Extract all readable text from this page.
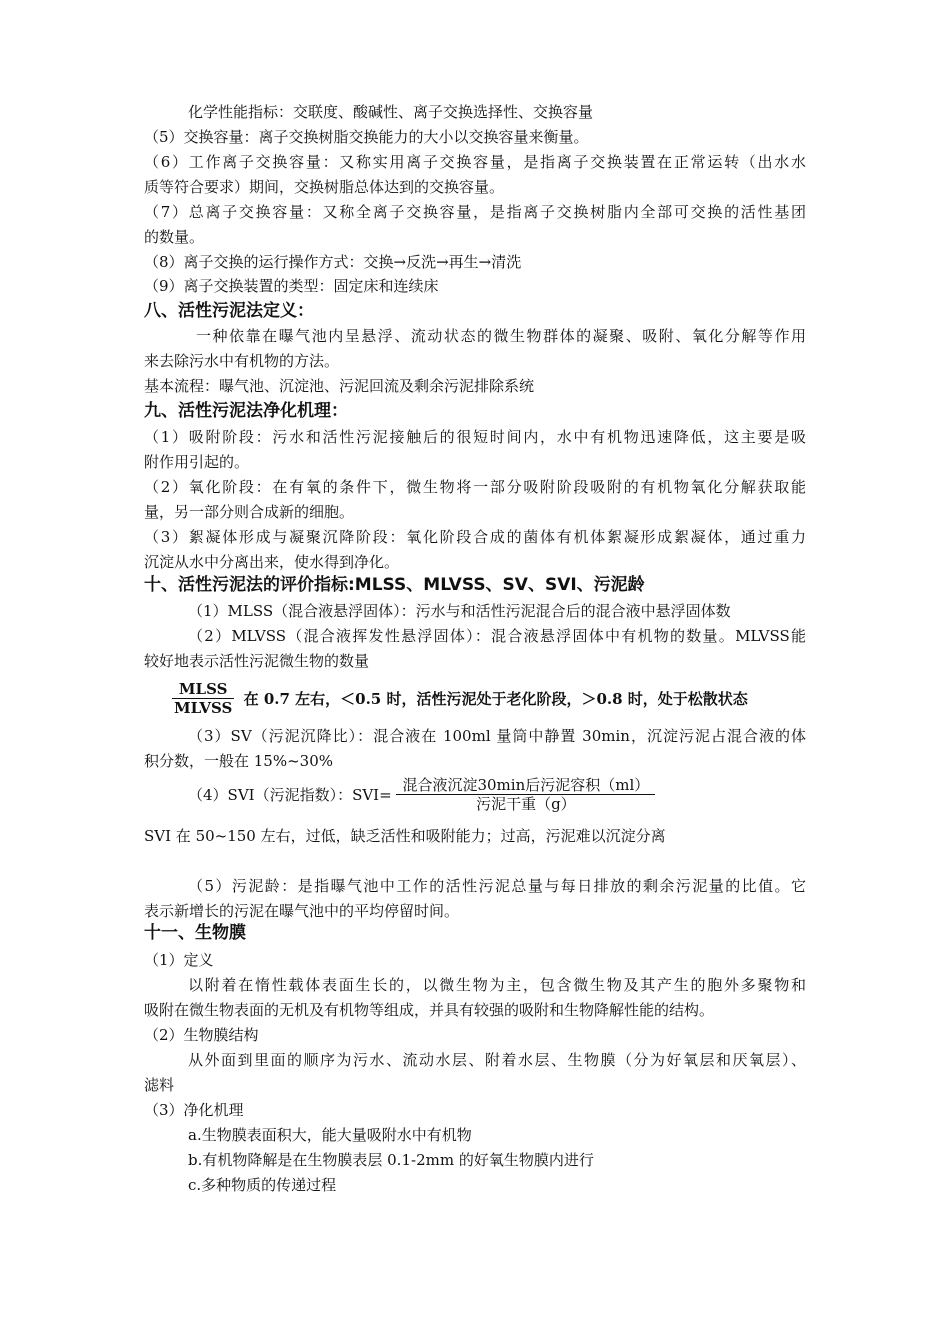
化学性能指标：交联度、酸碱性、离子交换选择性、交换容量
（5）交换容量：离子交换树脂交换能力的大小以交换容量来衡量。
（6）工作离子交换容量：又称实用离子交换容量，是指离子交换装置在正常运转（出水水
质等符合要求）期间，交换树脂总体达到的交换容量。
（7）总离子交换容量：又称全离子交换容量，是指离子交换树脂内全部可交换的活性基团
的数量。
（8）离子交换的运行操作方式：交换→反洗→再生→清洗
（9）离子交换装置的类型：固定床和连续床
八、活性污泥法定义：
一种依靠在曝气池内呈悬浮、流动状态的微生物群体的凝聚、吸附、氧化分解等作用
来去除污水中有机物的方法。
基本流程：曝气池、沉淀池、污泥回流及剩余污泥排除系统
九、活性污泥法净化机理：
（1）吸附阶段：污水和活性污泥接触后的很短时间内，水中有机物迅速降低，这主要是吸
附作用引起的。
（2）氧化阶段：在有氧的条件下，微生物将一部分吸附阶段吸附的有机物氧化分解获取能
量，另一部分则合成新的细胞。
（3）絮凝体形成与凝聚沉降阶段：氧化阶段合成的菌体有机体絮凝形成絮凝体，通过重力
沉淀从水中分离出来，使水得到净化。
十、活性污泥法的评价指标:MLSS、MLVSS、SV、SVI、污泥龄
（1）MLSS（混合液悬浮固体）：污水与和活性污泥混合后的混合液中悬浮固体数
（2）MLVSS（混合液挥发性悬浮固体）：混合液悬浮固体中有机物的数量。MLVSS能
较好地表示活性污泥微生物的数量
$\frac{\text{MLSS}}{\text{MLVSS}}$ 在 0.7 左右，＜0.5 时，活性污泥处于老化阶段，＞0.8 时，处于松散状态
（3）SV（污泥沉降比）：混合液在 100ml 量筒中静置 30min，沉淀污泥占混合液的体
积分数，一般在 15%~30%
（4）SVI（污泥指数）：$SVI= \frac{\text{混合液沉淀30min后污泥容积（ml）}}{\text{污泥干重（g）}}$
SVI 在 50~150 左右，过低，缺乏活性和吸附能力；过高，污泥难以沉淀分离
（5）污泥龄：是指曝气池中工作的活性污泥总量与每日排放的剩余污泥量的比值。它
表示新增长的污泥在曝气池中的平均停留时间。
十一、生物膜
（1）定义
以附着在惰性载体表面生长的，以微生物为主，包含微生物及其产生的胞外多聚物和
吸附在微生物表面的无机及有机物等组成，并具有较强的吸附和生物降解性能的结构。
（2）生物膜结构
从外面到里面的顺序为污水、流动水层、附着水层、生物膜（分为好氧层和厌氧层）、
滤料
（3）净化机理
a.生物膜表面积大，能大量吸附水中有机物
b.有机物降解是在生物膜表层 0.1-2mm 的好氧生物膜内进行
c.多种物质的传递过程
